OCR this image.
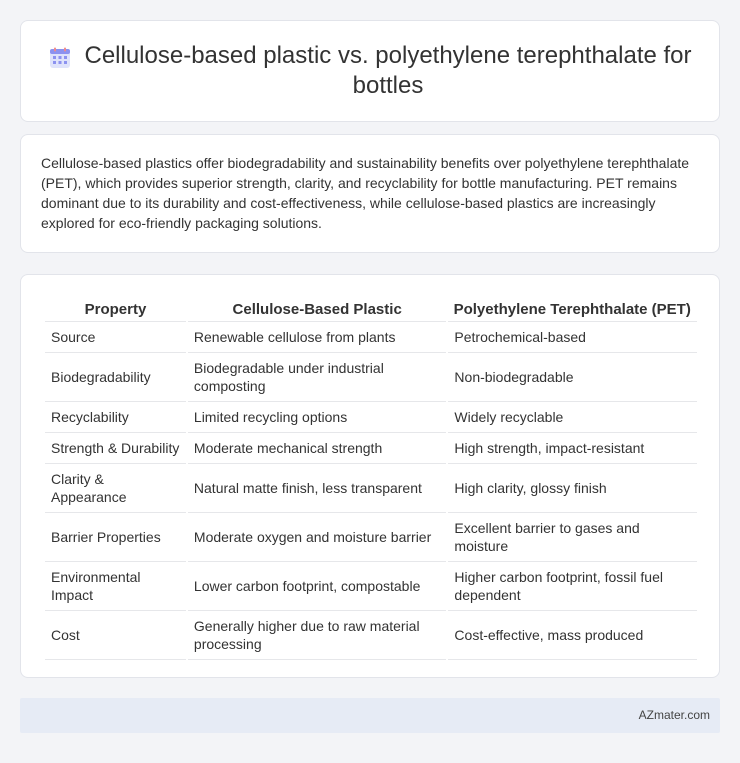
Cellulose-based plastic vs. polyethylene terephthalate for bottles

Cellulose-based plastics offer biodegradability and sustainability benefits over polyethylene terephthalate (PET), which provides superior strength, clarity, and recyclability for bottle manufacturing. PET remains dominant due to its durability and cost-effectiveness, while cellulose-based plastics are increasingly explored for eco-friendly packaging solutions.

Property	Cellulose-Based Plastic	Polyethylene Terephthalate (PET)
Source	Renewable cellulose from plants	Petrochemical-based
Biodegradability	Biodegradable under industrial composting	Non-biodegradable
Recyclability	Limited recycling options	Widely recyclable
Strength & Durability	Moderate mechanical strength	High strength, impact-resistant
Clarity & Appearance	Natural matte finish, less transparent	High clarity, glossy finish
Barrier Properties	Moderate oxygen and moisture barrier	Excellent barrier to gases and moisture
Environmental Impact	Lower carbon footprint, compostable	Higher carbon footprint, fossil fuel dependent
Cost	Generally higher due to raw material processing	Cost-effective, mass produced
AZmater.com
